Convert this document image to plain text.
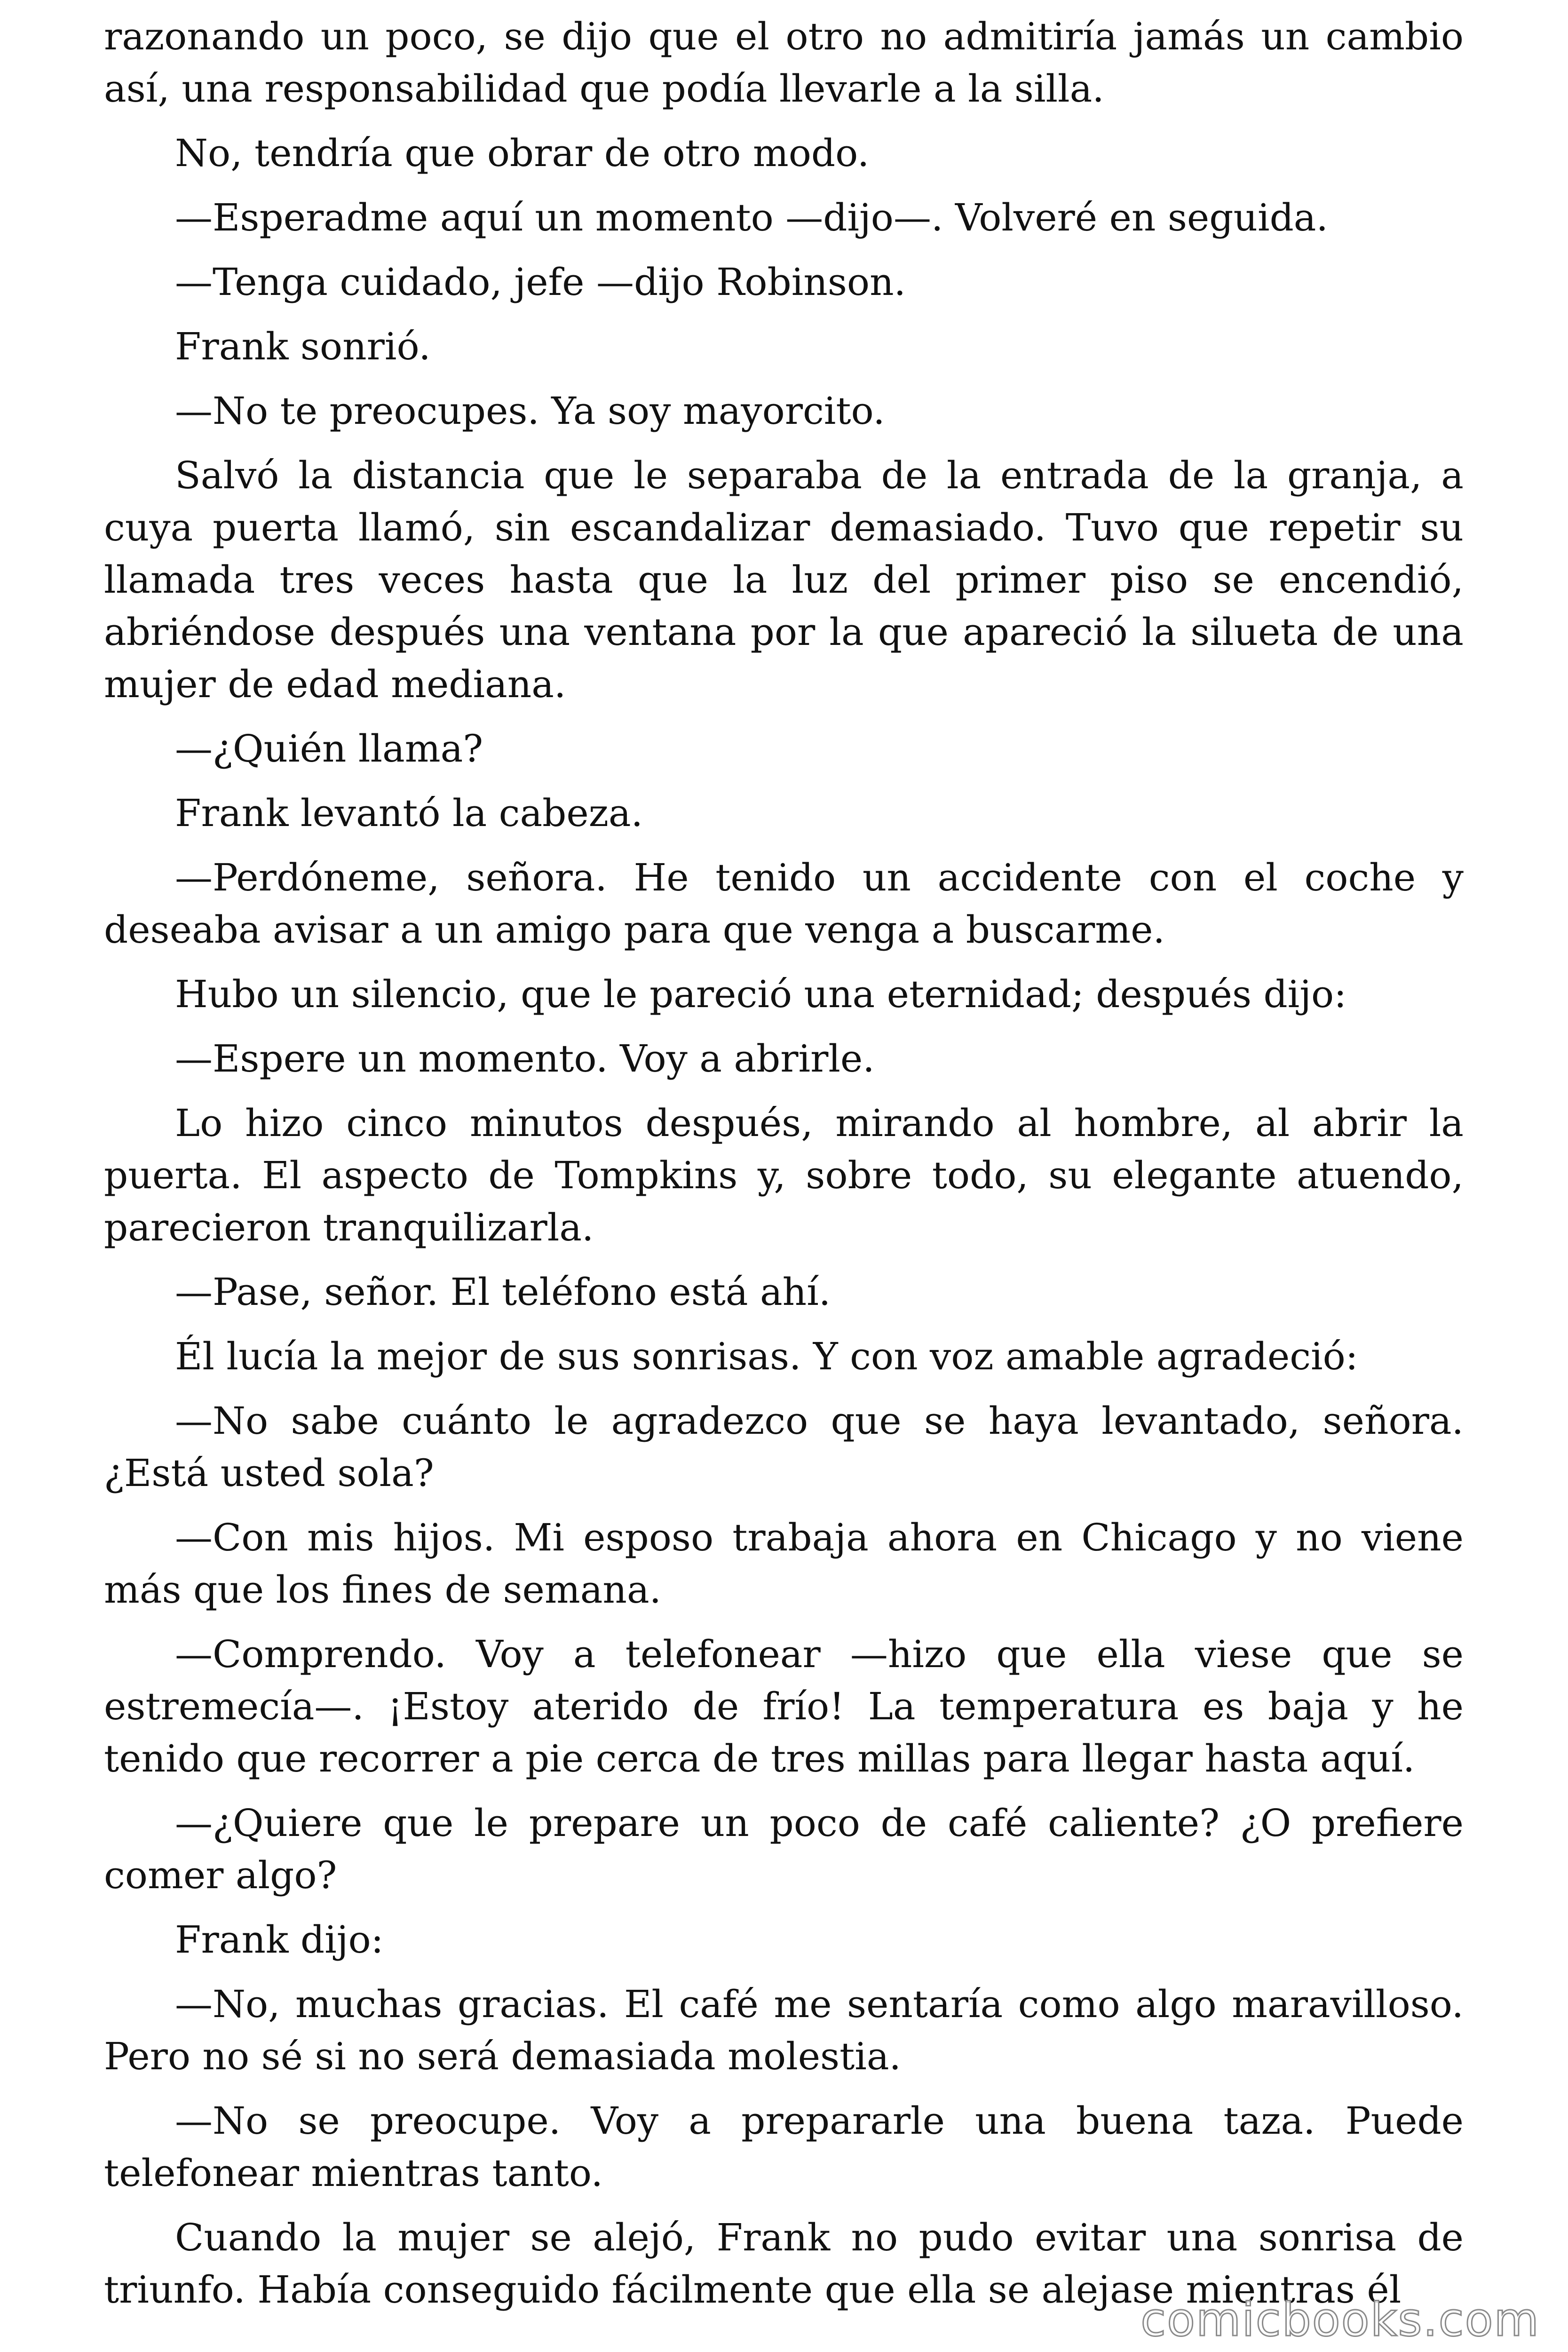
razonando un poco, se dijo que el otro no admitiría jamás un cambio así, una responsabilidad que podía llevarle a la silla.

No, tendría que obrar de otro modo.

—Esperadme aquí un momento —dijo—. Volveré en seguida.

—Tenga cuidado, jefe —dijo Robinson.

Frank sonrió.

—No te preocupes. Ya soy mayorcito.

Salvó la distancia que le separaba de la entrada de la granja, a cuya puerta llamó, sin escandalizar demasiado. Tuvo que repetir su llamada tres veces hasta que la luz del primer piso se encendió, abriéndose después una ventana por la que apareció la silueta de una mujer de edad mediana.

—¿Quién llama?

Frank levantó la cabeza.

—Perdóneme, señora. He tenido un accidente con el coche y deseaba avisar a un amigo para que venga a buscarme.

Hubo un silencio, que le pareció una eternidad; después dijo:

—Espere un momento. Voy a abrirle.

Lo hizo cinco minutos después, mirando al hombre, al abrir la puerta. El aspecto de Tompkins y, sobre todo, su elegante atuendo, parecieron tranquilizarla.

—Pase, señor. El teléfono está ahí.

Él lucía la mejor de sus sonrisas. Y con voz amable agradeció:

—No sabe cuánto le agradezco que se haya levantado, señora. ¿Está usted sola?

—Con mis hijos. Mi esposo trabaja ahora en Chicago y no viene más que los fines de semana.

—Comprendo. Voy a telefonear —hizo que ella viese que se estremecía—. ¡Estoy aterido de frío! La temperatura es baja y he tenido que recorrer a pie cerca de tres millas para llegar hasta aquí.

—¿Quiere que le prepare un poco de café caliente? ¿O prefiere comer algo?

Frank dijo:

—No, muchas gracias. El café me sentaría como algo maravilloso. Pero no sé si no será demasiada molestia.

—No se preocupe. Voy a prepararle una buena taza. Puede telefonear mientras tanto.

Cuando la mujer se alejó, Frank no pudo evitar una sonrisa de triunfo. Había conseguido fácilmente que ella se alejase mientras él

comicbooks.com
